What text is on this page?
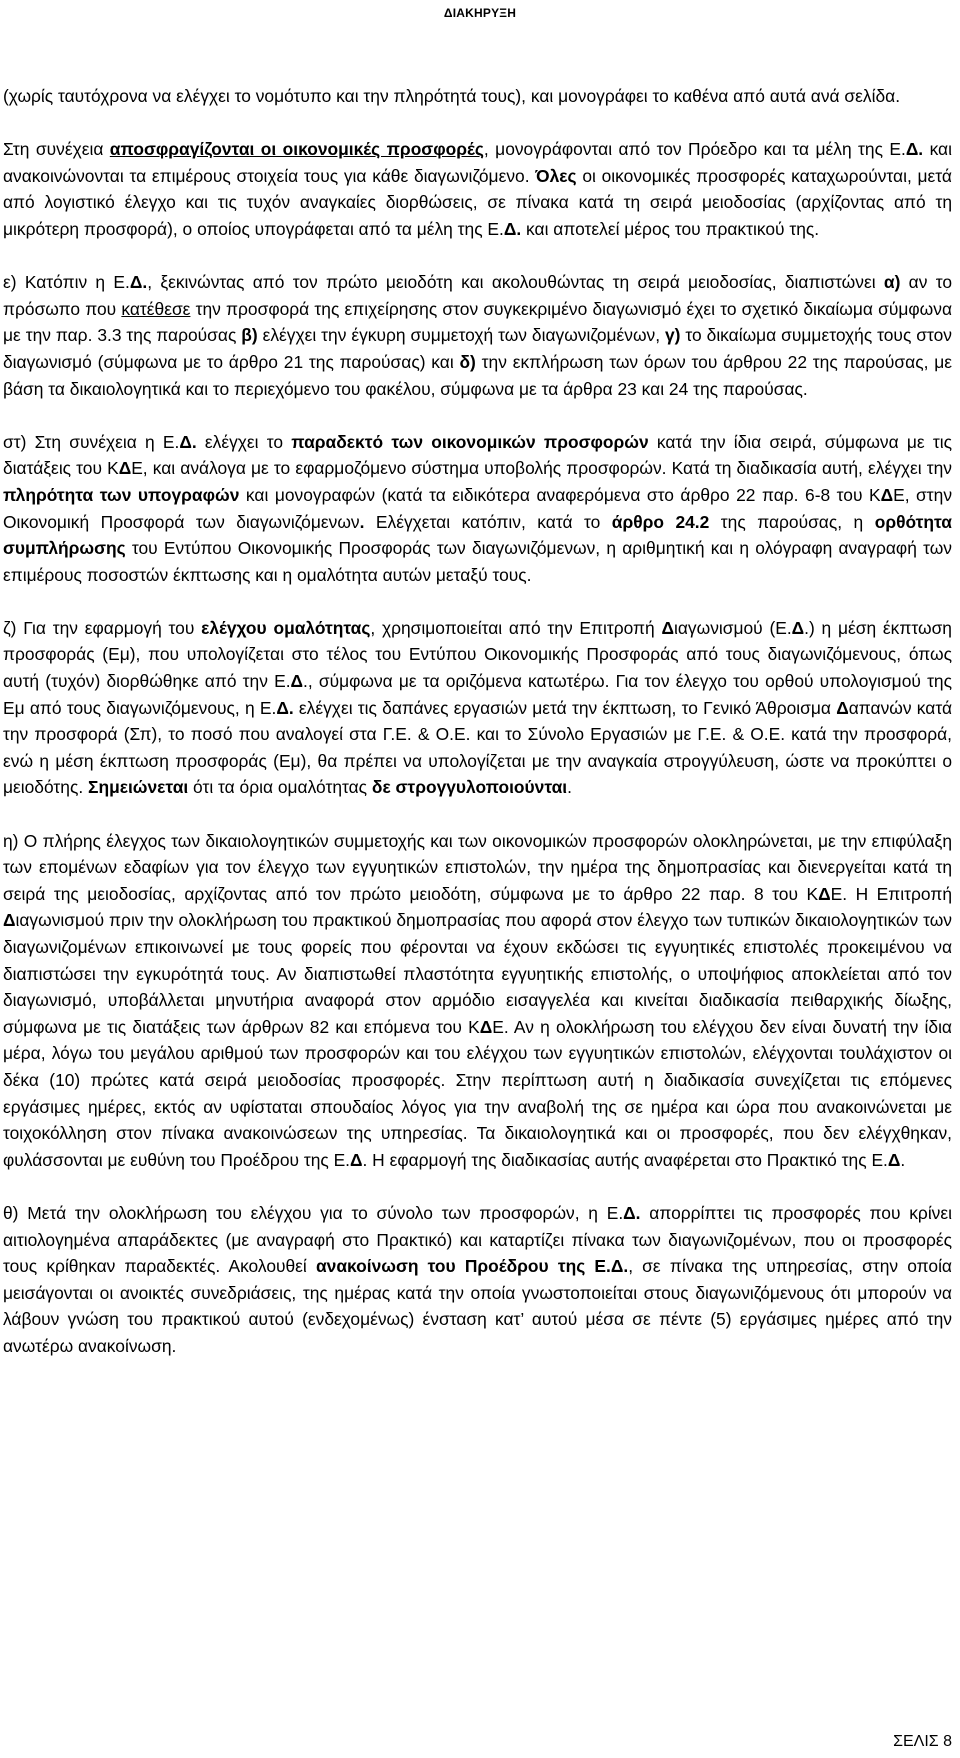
ΔΙΑΚΗΡΥΞΗ

(χωρίς ταυτόχρονα να ελέγχει το νομότυπο και την πληρότητά τους), και μονογράφει το καθένα από αυτά ανά σελίδα.

Στη συνέχεια αποσφραγίζονται οι οικονομικές προσφορές, μονογράφονται από τον Πρόεδρο και τα μέλη της Ε.Δ. και ανακοινώνονται τα επιμέρους στοιχεία τους για κάθε διαγωνιζόμενο. Όλες οι οικονομικές προσφορές καταχωρούνται, μετά από λογιστικό έλεγχο και τις τυχόν αναγκαίες διορθώσεις, σε πίνακα κατά τη σειρά μειοδοσίας (αρχίζοντας από τη μικρότερη προσφορά), ο οποίος υπογράφεται από τα μέλη της Ε.Δ. και αποτελεί μέρος του πρακτικού της.

ε) Κατόπιν η Ε.Δ., ξεκινώντας από τον πρώτο μειοδότη και ακολουθώντας τη σειρά μειοδοσίας, διαπιστώνει α) αν το πρόσωπο που κατέθεσε την προσφορά της επιχείρησης στον συγκεκριμένο διαγωνισμό έχει το σχετικό δικαίωμα σύμφωνα με την παρ. 3.3 της παρούσας β) ελέγχει την έγκυρη συμμετοχή των διαγωνιζομένων, γ) το δικαίωμα συμμετοχής τους στον διαγωνισμό (σύμφωνα με το άρθρο 21 της παρούσας) και δ) την εκπλήρωση των όρων του άρθρου 22 της παρούσας, με βάση τα δικαιολογητικά και το περιεχόμενο του φακέλου, σύμφωνα με τα άρθρα 23 και 24 της παρούσας.

στ) Στη συνέχεια η Ε.Δ. ελέγχει το παραδεκτό των οικονομικών προσφορών κατά την ίδια σειρά, σύμφωνα με τις διατάξεις του ΚΔΕ, και ανάλογα με το εφαρμοζόμενο σύστημα υποβολής προσφορών. Κατά τη διαδικασία αυτή, ελέγχει την πληρότητα των υπογραφών και μονογραφών (κατά τα ειδικότερα αναφερόμενα στο άρθρο 22 παρ. 6-8 του ΚΔΕ, στην Οικονομική Προσφορά των διαγωνιζόμενων. Ελέγχεται κατόπιν, κατά το άρθρο 24.2 της παρούσας, η ορθότητα συμπλήρωσης του Εντύπου Οικονομικής Προσφοράς των διαγωνιζόμενων, η αριθμητική και η ολόγραφη αναγραφή των επιμέρους ποσοστών έκπτωσης και η ομαλότητα αυτών μεταξύ τους.

ζ) Για την εφαρμογή του ελέγχου ομαλότητας, χρησιμοποιείται από την Επιτροπή Διαγωνισμού (Ε.Δ.) η μέση έκπτωση προσφοράς (Εμ), που υπολογίζεται στο τέλος του Εντύπου Οικονομικής Προσφοράς από τους διαγωνιζόμενους, όπως αυτή (τυχόν) διορθώθηκε από την Ε.Δ., σύμφωνα με τα οριζόμενα κατωτέρω. Για τον έλεγχο του ορθού υπολογισμού της Εμ από τους διαγωνιζόμενους, η Ε.Δ. ελέγχει τις δαπάνες εργασιών μετά την έκπτωση, το Γενικό Άθροισμα Δαπανών κατά την προσφορά (Σπ), το ποσό που αναλογεί στα Γ.Ε. & Ο.Ε. και το Σύνολο Εργασιών με Γ.Ε. & Ο.Ε. κατά την προσφορά, ενώ η μέση έκπτωση προσφοράς (Εμ), θα πρέπει να υπολογίζεται με την αναγκαία στρογγύλευση, ώστε να προκύπτει ο μειοδότης. Σημειώνεται ότι τα όρια ομαλότητας δε στρογγυλοποιούνται.

η) Ο πλήρης έλεγχος των δικαιολογητικών συμμετοχής και των οικονομικών προσφορών ολοκληρώνεται, με την επιφύλαξη των επομένων εδαφίων για τον έλεγχο των εγγυητικών επιστολών, την ημέρα της δημοπρασίας και διενεργείται κατά τη σειρά της μειοδοσίας, αρχίζοντας από τον πρώτο μειοδότη, σύμφωνα με το άρθρο 22 παρ. 8 του ΚΔΕ. Η Επιτροπή Διαγωνισμού πριν την ολοκλήρωση του πρακτικού δημοπρασίας που αφορά στον έλεγχο των τυπικών δικαιολογητικών των διαγωνιζομένων επικοινωνεί με τους φορείς που φέρονται να έχουν εκδώσει τις εγγυητικές επιστολές προκειμένου να διαπιστώσει την εγκυρότητά τους. Αν διαπιστωθεί πλαστότητα εγγυητικής επιστολής, ο υποψήφιος αποκλείεται από τον διαγωνισμό, υποβάλλεται μηνυτήρια αναφορά στον αρμόδιο εισαγγελέα και κινείται διαδικασία πειθαρχικής δίωξης, σύμφωνα με τις διατάξεις των άρθρων 82 και επόμενα του ΚΔΕ. Αν η ολοκλήρωση του ελέγχου δεν είναι δυνατή την ίδια μέρα, λόγω του μεγάλου αριθμού των προσφορών και του ελέγχου των εγγυητικών επιστολών, ελέγχονται τουλάχιστον οι δέκα (10) πρώτες κατά σειρά μειοδοσίας προσφορές. Στην περίπτωση αυτή η διαδικασία συνεχίζεται τις επόμενες εργάσιμες ημέρες, εκτός αν υφίσταται σπουδαίος λόγος για την αναβολή της σε ημέρα και ώρα που ανακοινώνεται με τοιχοκόλληση στον πίνακα ανακοινώσεων της υπηρεσίας. Τα δικαιολογητικά και οι προσφορές, που δεν ελέγχθηκαν, φυλάσσονται με ευθύνη του Προέδρου της Ε.Δ. Η εφαρμογή της διαδικασίας αυτής αναφέρεται στο Πρακτικό της Ε.Δ.

θ) Μετά την ολοκλήρωση του ελέγχου για το σύνολο των προσφορών, η Ε.Δ. απορρίπτει τις προσφορές που κρίνει αιτιολογημένα απαράδεκτες (με αναγραφή στο Πρακτικό) και καταρτίζει πίνακα των διαγωνιζομένων, που οι προσφορές τους κρίθηκαν παραδεκτές. Ακολουθεί ανακοίνωση του Προέδρου της Ε.Δ., σε πίνακα της υπηρεσίας, στην οποία μεισάγονται οι ανοικτές συνεδριάσεις, της ημέρας κατά την οποία γνωστοποιείται στους διαγωνιζόμενους ότι μπορούν να λάβουν γνώση του πρακτικού αυτού (ενδεχομένως) ένσταση κατ’ αυτού μέσα σε πέντε (5) εργάσιμες ημέρες από την ανωτέρω ανακοίνωση.

ΣΕΛΙΣ 8
